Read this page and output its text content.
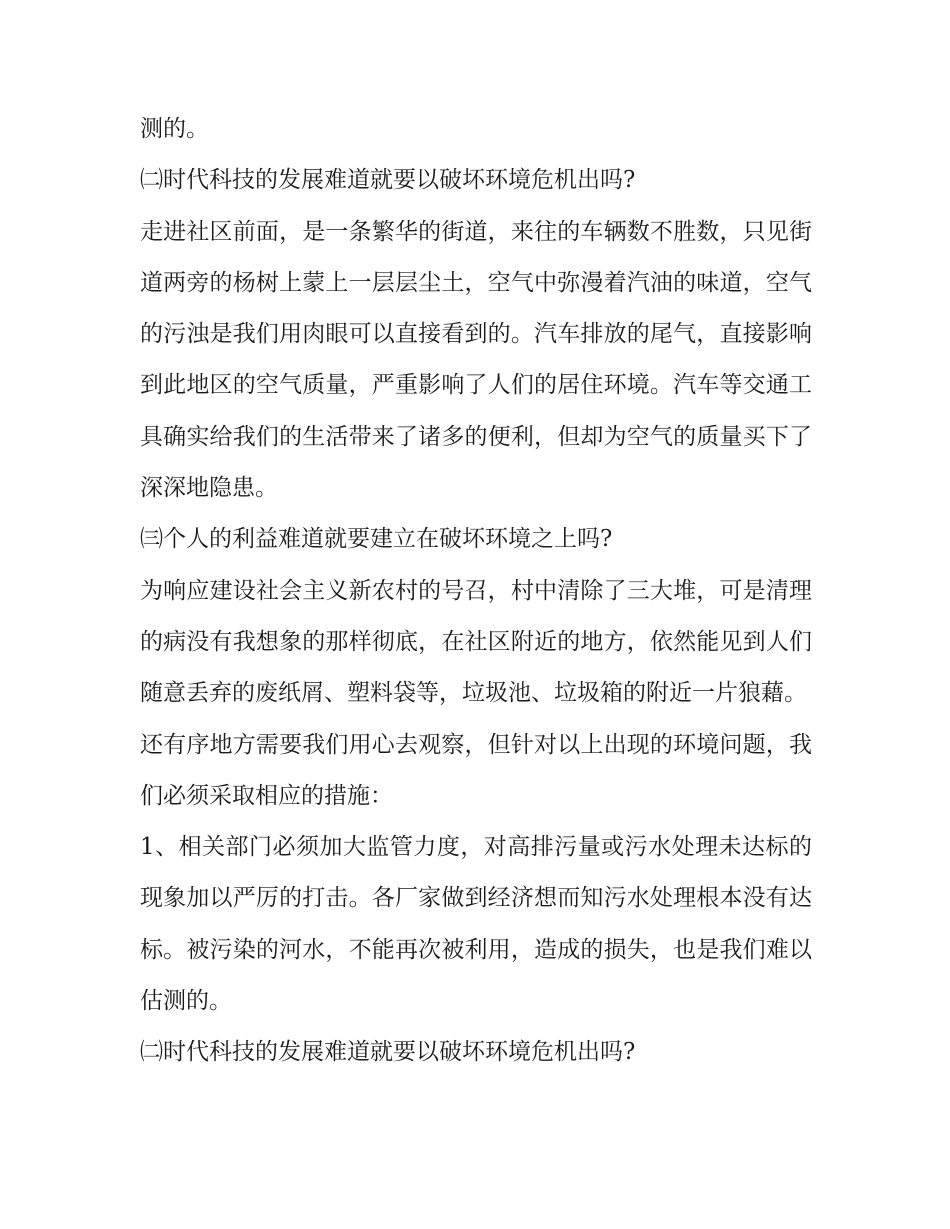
测的。

㈡时代科技的发展难道就要以破坏环境危机出吗?

走进社区前面，是一条繁华的街道，来往的车辆数不胜数，只见街道两旁的杨树上蒙上一层层尘土，空气中弥漫着汽油的味道，空气的污浊是我们用肉眼可以直接看到的。汽车排放的尾气，直接影响到此地区的空气质量，严重影响了人们的居住环境。汽车等交通工具确实给我们的生活带来了诸多的便利，但却为空气的质量买下了深深地隐患。

㈢个人的利益难道就要建立在破坏环境之上吗?

为响应建设社会主义新农村的号召，村中清除了三大堆，可是清理的病没有我想象的那样彻底，在社区附近的地方，依然能见到人们随意丢弃的废纸屑、塑料袋等，垃圾池、垃圾箱的附近一片狼藉。

还有序地方需要我们用心去观察，但针对以上出现的环境问题，我们必须采取相应的措施：

1、相关部门必须加大监管力度，对高排污量或污水处理未达标的现象加以严厉的打击。各厂家做到经济想而知污水处理根本没有达标。被污染的河水，不能再次被利用，造成的损失，也是我们难以估测的。

㈡时代科技的发展难道就要以破坏环境危机出吗?
